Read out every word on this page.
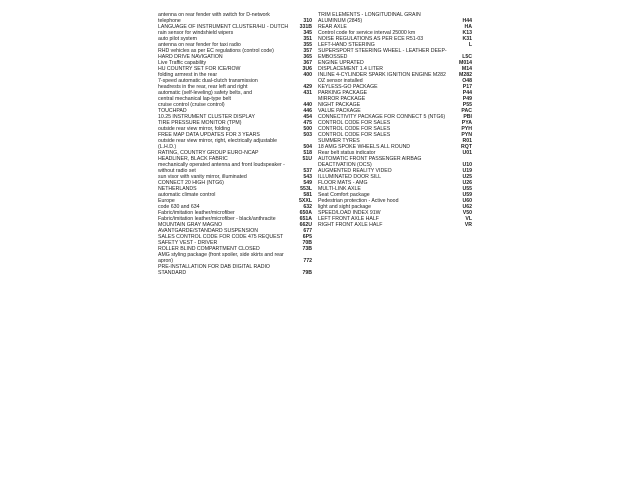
antenna on rear fender with switch for D-network telephone	310
LANGUAGE OF INSTRUMENT CLUSTER/HU - DUTCH	331B
rain sensor for windshield wipers	345
auto pilot system	351
antenna on rear fender for taxi radio	355
RHD vehicles as per EC regulations (control code)	357
HARD DRIVE NAVIGATION	365
Live Traffic capability	367
HU COUNTRY SET FOR ICE/ROW	3U6
folding armrest in the rear	400
7-speed automatic dual-clutch transmission
headrests in the rear, rear left and right	429
automatic (self-leveling) safety belts, and	431
central mechanical lap-type belt
cruise control (cruise control)	440
TOUCHPAD	446
10.25 INSTRUMENT CLUSTER DISPLAY	454
TIRE PRESSURE MONITOR (TPM)	475
outside rear view mirror, folding	500
FREE MAP DATA UPDATES FOR 3 YEARS	503
outside rear view mirror, right, electrically adjustable (L.H.D.)	504
RATING, COUNTRY GROUP EURO-NCAP	518
HEADLINER, BLACK FABRIC	51U
mechanically operated antenna and front loudspeaker - without radio set	537
sun visor with vanity mirror, illuminated	543
CONNECT 20 HIGH (NTG6)	549
NETHERLANDS	553L
automatic climate control	581
Europe	5XXL
code 630 and 634	632
Fabric/imitation leather/microfiber	650A
Fabric/imitation leather/microfiber - black/anthracite	651A
MOUNTAIN GRAY MAGNO	662U
AVANTGARDE/STANDARD SUSPENSION	677
SALES CONTROL CODE FOR CODE 475 REQUEST	6P5
SAFETY VEST - DRIVER	70B
ROLLER BLIND COMPARTMENT CLOSED	73B
AMG styling package (front spoiler, side skirts and rear apron)	772
PRE-INSTALLATION FOR DAB DIGITAL RADIO STANDARD	79B
TRIM ELEMENTS - LONGITUDINAL GRAIN ALUMINUM (2845)	H44
REAR AXLE	HA
Control code for service interval 25000 km	K13
NOISE REGULATIONS AS PER ECE R51-03	K31
LEFT-HAND STEERING	L
SUPERSPORT STEERING WHEEL - LEATHER DEEP-EMBOSSED	L5C
ENGINE UPRATED	M014
DISPLACEMENT 1.4 LITER	M14
INLINE 4-CYLINDER SPARK IGNITION ENGINE M282	M282
OZ sensor installed	O48
KEYLESS-GO PACKAGE	P17
PARKING PACKAGE	P44
MIRROR PACKAGE	P49
NIGHT PACKAGE	P55
VALUE PACKAGE	PAC
CONNECTIVITY PACKAGE FOR CONNECT 5 (NTG6)	PBI
CONTROL CODE FOR SALES	PYA
CONTROL CODE FOR SALES	PYH
CONTROL CODE FOR SALES	PYN
SUMMER TYRES	R01
18 AMG SPOKE WHEELS ALL ROUND	RQT
Rear belt status indicator	U01
AUTOMATIC FRONT PASSENGER AIRBAG DEACTIVATION (OCS)	U10
AUGMENTED REALITY VIDEO	U19
ILLUMINATED DOOR SILL	U25
FLOOR MATS - AMG	U26
MULTI-LINK AXLE	U55
Seat Comfort package	U59
Pedestrian protection - Active hood	U60
light and sight package	U62
SPEED/LOAD INDEX 91W	V50
LEFT FRONT AXLE HALF	VL
RIGHT FRONT AXLE HALF	VR
